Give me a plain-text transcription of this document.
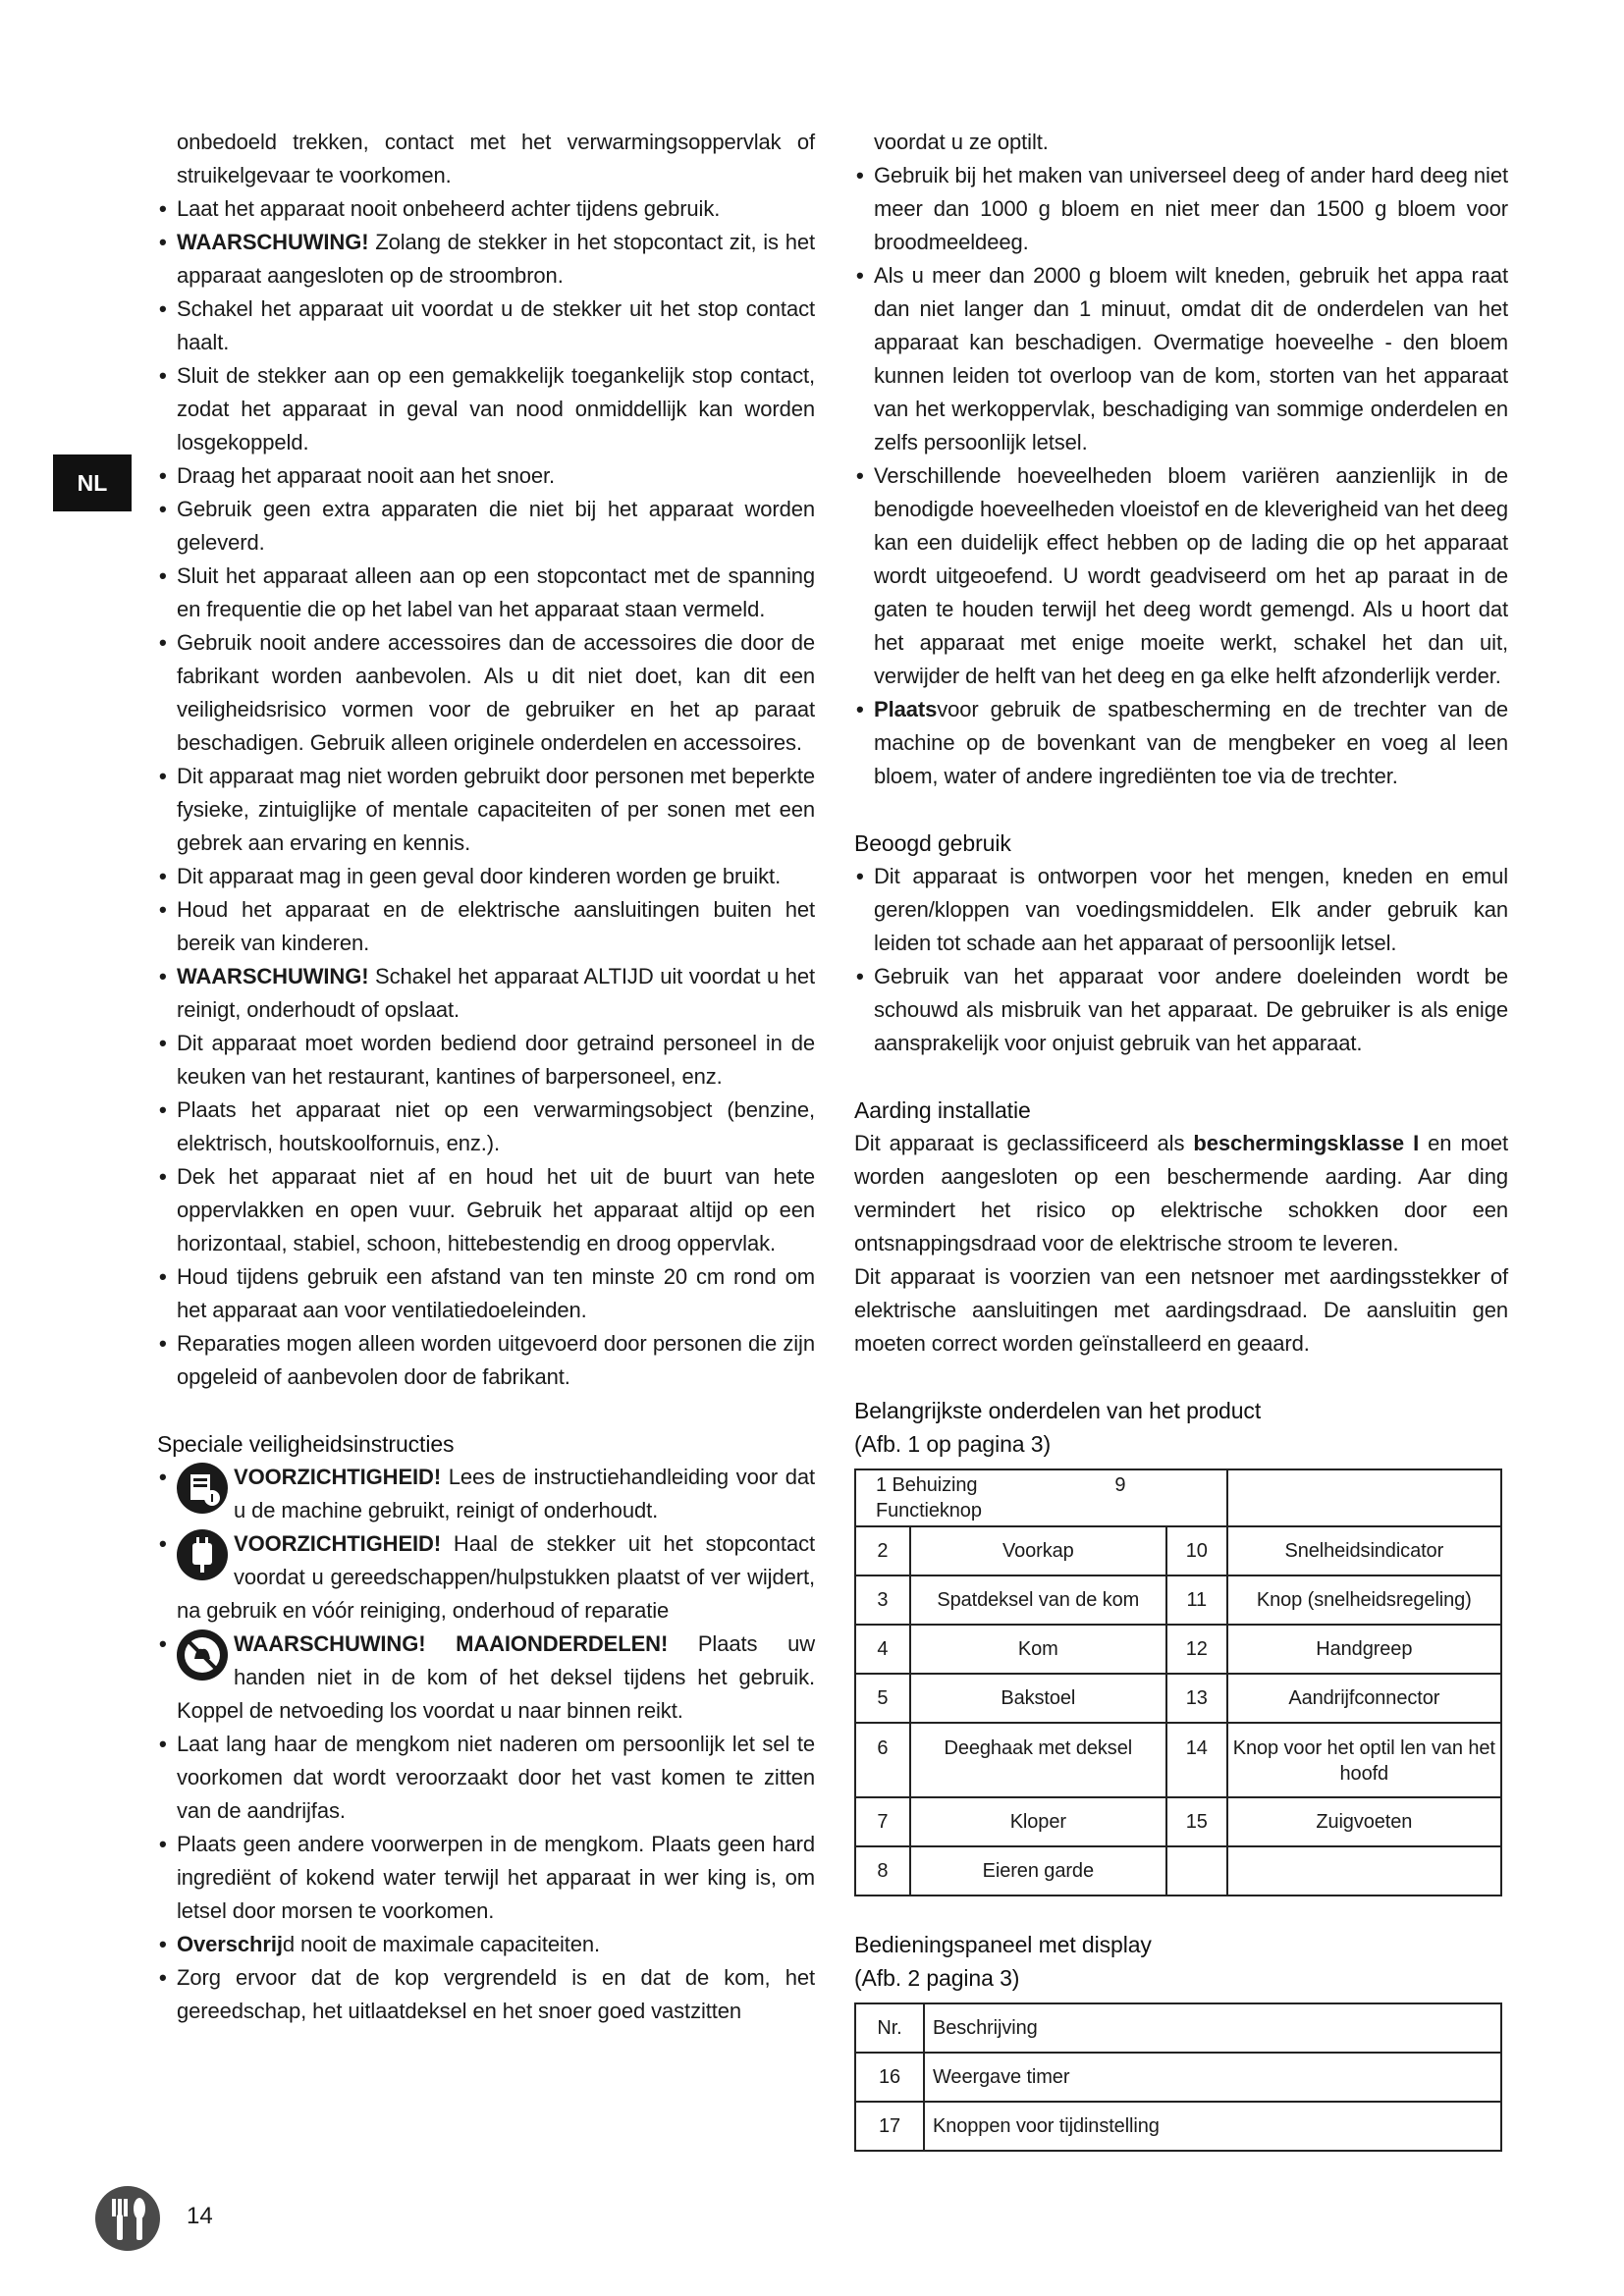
NL
onbedoeld trekken, contact met het verwarmingsoppervlak of struikelgevaar te voorkomen.
• Laat het apparaat nooit onbeheerd achter tijdens gebruik.
• WAARSCHUWING! Zolang de stekker in het stopcontact zit, is het apparaat aangesloten op de stroombron.
• Schakel het apparaat uit voordat u de stekker uit het stop contact haalt.
• Sluit de stekker aan op een gemakkelijk toegankelijk stop contact, zodat het apparaat in geval van nood onmiddellijk kan worden losgekoppeld.
• Draag het apparaat nooit aan het snoer.
• Gebruik geen extra apparaten die niet bij het apparaat worden geleverd.
• Sluit het apparaat alleen aan op een stopcontact met de spanning en frequentie die op het label van het apparaat staan vermeld.
• Gebruik nooit andere accessoires dan de accessoires die door de fabrikant worden aanbevolen. Als u dit niet doet, kan dit een veiligheidsrisico vormen voor de gebruiker en het ap paraat beschadigen. Gebruik alleen originele onderdelen en accessoires.
• Dit apparaat mag niet worden gebruikt door personen met beperkte fysieke, zintuiglijke of mentale capaciteiten of per sonen met een gebrek aan ervaring en kennis.
• Dit apparaat mag in geen geval door kinderen worden ge bruikt.
• Houd het apparaat en de elektrische aansluitingen buiten het bereik van kinderen.
• WAARSCHUWING! Schakel het apparaat ALTIJD uit voordat u het reinigt, onderhoudt of opslaat.
• Dit apparaat moet worden bediend door getraind personeel in de keuken van het restaurant, kantines of barpersoneel, enz.
• Plaats het apparaat niet op een verwarmingsobject (benzine, elektrisch, houtskoolfornuis, enz.).
• Dek het apparaat niet af en houd het uit de buurt van hete oppervlakken en open vuur. Gebruik het apparaat altijd op een horizontaal, stabiel, schoon, hittebestendig en droog oppervlak.
• Houd tijdens gebruik een afstand van ten minste 20 cm rond om het apparaat aan voor ventilatiedoeleinden.
• Reparaties mogen alleen worden uitgevoerd door personen die zijn opgeleid of aanbevolen door de fabrikant.
Speciale veiligheidsinstructies
• VOORZICHTIGHEID! Lees de instructiehandleiding voor dat u de machine gebruikt, reinigt of onderhoudt.
• VOORZICHTIGHEID! Haal de stekker uit het stopcontact voordat u gereedschappen/hulpstukken plaatst of ver wijdert, na gebruik en vóór reiniging, onderhoud of reparatie
• WAARSCHUWING! MAAIONDERDELEN! Plaats uw handen niet in de kom of het deksel tijdens het gebruik. Koppel de netvoeding los voordat u naar binnen reikt.
• Laat lang haar de mengkom niet naderen om persoonlijk let sel te voorkomen dat wordt veroorzaakt door het vast komen te zitten van de aandrijfas.
• Plaats geen andere voorwerpen in de mengkom. Plaats geen hard ingrediënt of kokend water terwijl het apparaat in wer king is, om letsel door morsen te voorkomen.
• Overschrijd nooit de maximale capaciteiten.
• Zorg ervoor dat de kop vergrendeld is en dat de kom, het gereedschap, het uitlaatdeksel en het snoer goed vastzitten
voordat u ze optilt.
• Gebruik bij het maken van universeel deeg of ander hard deeg niet meer dan 1000 g bloem en niet meer dan 1500 g bloem voor broodmeeldeeg.
• Als u meer dan 2000 g bloem wilt kneden, gebruik het appa raat dan niet langer dan 1 minuut, omdat dit de onderdelen van het apparaat kan beschadigen. Overmatige hoeveelhe - den bloem kunnen leiden tot overloop van de kom, storten van het apparaat van het werkoppervlak, beschadiging van sommige onderdelen en zelfs persoonlijk letsel.
• Verschillende hoeveelheden bloem variëren aanzienlijk in de benodigde hoeveelheden vloeistof en de kleverigheid van het deeg kan een duidelijk effect hebben op de lading die op het apparaat wordt uitgeoefend. U wordt geadviseerd om het ap paraat in de gaten te houden terwijl het deeg wordt gemengd. Als u hoort dat het apparaat met enige moeite werkt, schakel het dan uit, verwijder de helft van het deeg en ga elke helft afzonderlijk verder.
• Plaatsvoor gebruik de spatbescherming en de trechter van de machine op de bovenkant van de mengbeker en voeg al leen bloem, water of andere ingrediënten toe via de trechter.
Beoogd gebruik
• Dit apparaat is ontworpen voor het mengen, kneden en emul geren/kloppen van voedingsmiddelen. Elk ander gebruik kan leiden tot schade aan het apparaat of persoonlijk letsel.
• Gebruik van het apparaat voor andere doeleinden wordt be schouwd als misbruik van het apparaat. De gebruiker is als enige aansprakelijk voor onjuist gebruik van het apparaat.
Aarding installatie
Dit apparaat is geclassificeerd als beschermingsklasse I en moet worden aangesloten op een beschermende aarding. Aar ding vermindert het risico op elektrische schokken door een ontsnappingsdraad voor de elektrische stroom te leveren.
Dit apparaat is voorzien van een netsnoer met aardingsstekker of elektrische aansluitingen met aardingsdraad. De aansluitin gen moeten correct worden geïnstalleerd en geaard.
Belangrijkste onderdelen van het product
(Afb. 1 op pagina 3)
1 Behuizing 9 Functieknop			
2	Voorkap	10	Snelheidsindicator
3	Spatdeksel van de kom	11	Knop (snelheidsregeling)
4	Kom	12	Handgreep
5	Bakstoel	13	Aandrijfconnector
6	Deeghaak met deksel	14	Knop voor het optil len van het hoofd
7	Kloper	15	Zuigvoeten
8	Eieren garde		
Bedieningspaneel met display
(Afb. 2 pagina 3)
Nr.	Beschrijving
16	Weergave timer
17	Knoppen voor tijdinstelling
14
